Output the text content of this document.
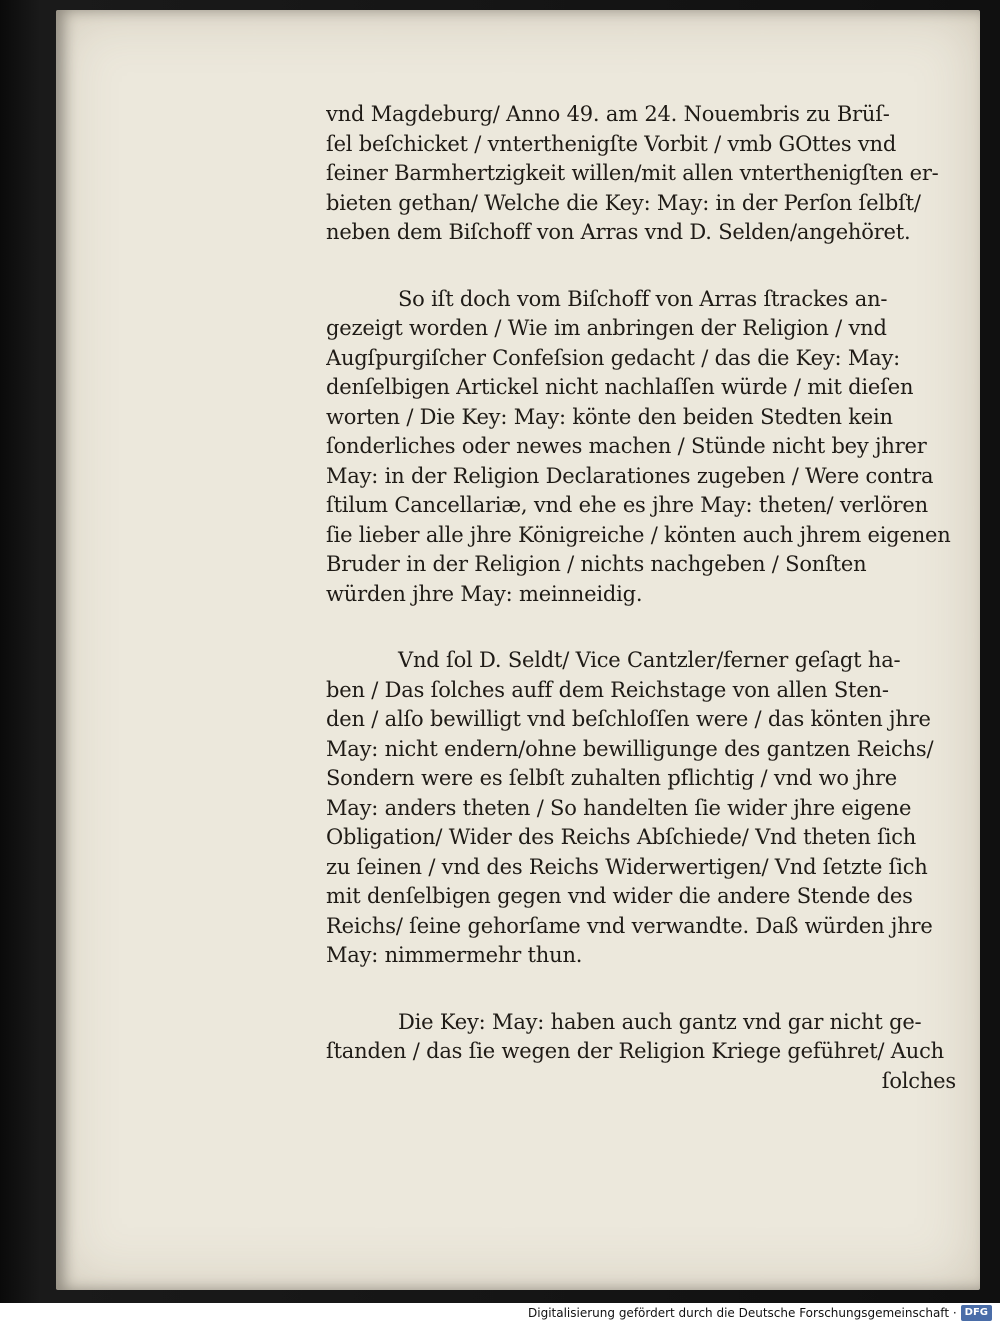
vnd Magdeburg/ Anno 49. am 24. Nouembris zu Brüſ-
ſel beſchicket / vnterthenigſte Vorbit / vmb GOttes vnd
ſeiner Barmhertzigkeit willen/mit allen vnterthenigſten er-
bieten gethan/ Welche die Key: May: in der Perſon ſelbſt/
neben dem Biſchoff von Arras vnd D. Selden/angehöret.
So iſt doch vom Biſchoff von Arras ſtrackes an-
gezeigt worden / Wie im anbringen der Religion / vnd
Augſpurgiſcher Confeſsion gedacht / das die Key: May:
denſelbigen Artickel nicht nachlaſſen würde / mit dieſen
worten / Die Key: May: könte den beiden Stedten kein
ſonderliches oder newes machen / Stünde nicht bey jhrer
May: in der Religion Declarationes zugeben / Were contra
ſtilum Cancellariæ, vnd ehe es jhre May: theten/ verlören
ſie lieber alle jhre Königreiche / könten auch jhrem eigenen
Bruder in der Religion / nichts nachgeben / Sonſten
würden jhre May: meinneidig.
Vnd ſol D. Seldt/ Vice Cantzler/ferner geſagt ha-
ben / Das ſolches auff dem Reichstage von allen Sten-
den / alſo bewilligt vnd beſchloſſen were / das könten jhre
May: nicht endern/ohne bewilligunge des gantzen Reichs/
Sondern were es ſelbſt zuhalten pflichtig / vnd wo jhre
May: anders theten / So handelten ſie wider jhre eigene
Obligation/ Wider des Reichs Abſchiede/ Vnd theten ſich
zu ſeinen / vnd des Reichs Widerwertigen/ Vnd ſetzte ſich
mit denſelbigen gegen vnd wider die andere Stende des
Reichs/ ſeine gehorſame vnd verwandte. Daß würden jhre
May: nimmermehr thun.
Die Key: May: haben auch gantz vnd gar nicht ge-
ſtanden / das ſie wegen der Religion Kriege geführet/ Auch
ſolches
Digitalisierung gefördert durch die Deutsche Forschungsgemeinschaft · DFG
